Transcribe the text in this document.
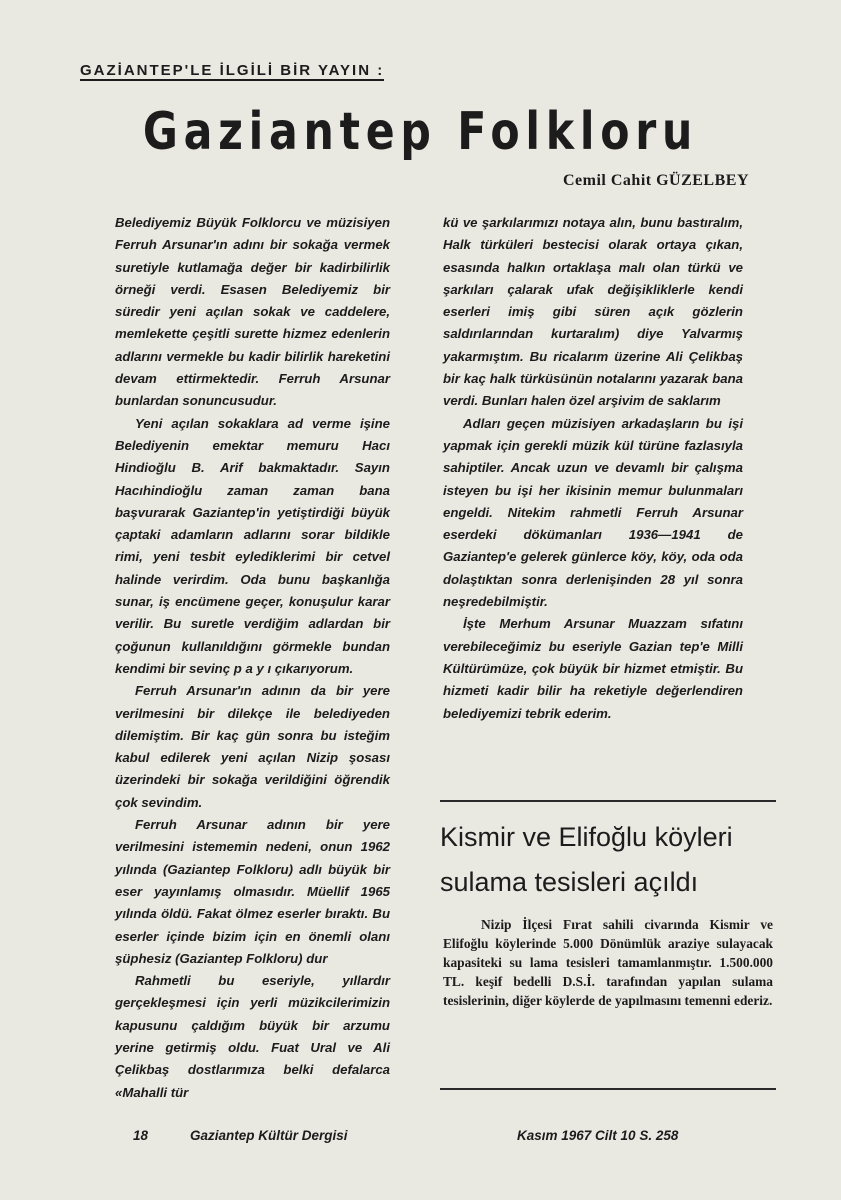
GAZİANTEP'LE İLGİLİ BİR YAYIN :
Gaziantep Folkloru
Cemil Cahit GÜZELBEY

Belediyemiz Büyük Folklorcu ve müzisiyen Ferruh Arsunar'ın adını bir sokağa vermek suretiyle kutlamağa değer bir kadirbilirlik örneği verdi. Esasen Belediyemiz bir süredir yeni açılan sokak ve caddelere, memlekette çeşitli surette hizmez edenlerin adlarını vermekle bu kadir bilirlik hareketini devam ettirmektedir. Ferruh Arsunar bunlardan sonuncusudur.

Yeni açılan sokaklara ad verme işine Belediyenin emektar memuru Hacı Hindioğlu B. Arif bakmaktadır. Sayın Hacıhindioğlu zaman zaman bana başvurarak Gaziantep'in yetiştirdiği büyük çaptaki adamların adlarını sorar bildikle rimi, yeni tesbit eylediklerimi bir cetvel halinde verirdim. Oda bunu başkanlığa sunar, iş encümene geçer, konuşulur karar verilir. Bu suretle verdiğim adlardan bir çoğunun kullanıldığını görmekle bundan kendimi bir sevinç p a y ı çıkarıyorum.

Ferruh Arsunar'ın adının da bir yere verilmesini bir dilekçe ile belediyeden dilemiştim. Bir kaç gün sonra bu isteğim kabul edilerek yeni açılan Nizip şosası üzerindeki bir sokağa verildiğini öğrendik çok sevindim.

Ferruh Arsunar adının bir yere verilmesini istememin nedeni, onun 1962 yılında (Gaziantep Folkloru) adlı büyük bir eser yayınlamış olmasıdır. Müellif 1965 yılında öldü. Fakat ölmez eserler bıraktı. Bu eserler içinde bizim için en önemli olanı şüphesiz (Gaziantep Folkloru) dur

Rahmetli bu eseriyle, yıllardır gerçekleşmesi için yerli müzikcilerimizin kapusunu çaldığım büyük bir arzumu yerine getirmiş oldu. Fuat Ural ve Ali Çelikbaş dostlarımıza belki defalarca «Mahalli tür

kü ve şarkılarımızı notaya alın, bunu bastıralım, Halk türküleri bestecisi olarak ortaya çıkan, esasında halkın ortaklaşa malı olan türkü ve şarkıları çalarak ufak değişikliklerle kendi eserleri imiş gibi süren açık gözlerin saldırılarından kurtaralım) diye Yalvarmış yakarmıştım. Bu ricalarım üzerine Ali Çelikbaş bir kaç halk türküsünün notalarını yazarak bana verdi. Bunları halen özel arşivim de saklarım

Adları geçen müzisiyen arkadaşların bu işi yapmak için gerekli müzik kül türüne fazlasıyla sahiptiler. Ancak uzun ve devamlı bir çalışma isteyen bu işi her ikisinin memur bulunmaları engeldi. Nitekim rahmetli Ferruh Arsunar eserdeki dökümanları 1936—1941 de Gaziantep'e gelerek günlerce köy, köy, oda oda dolaştıktan sonra derlenişinden 28 yıl sonra neşredebilmiştir.

İşte Merhum Arsunar Muazzam sıfatını verebileceğimiz bu eseriyle Gazian tep'e Milli Kültürümüze, çok büyük bir hizmet etmiştir. Bu hizmeti kadir bilir ha reketiyle değerlendiren belediyemizi tebrik ederim.

Kismir ve Elifoğlu köyleri sulama tesisleri açıldı

Nizip İlçesi Fırat sahili civarında Kismir ve Elifoğlu köylerinde 5.000 Dönümlük araziye sulayacak kapasiteki su lama tesisleri tamamlanmıştır. 1.500.000 TL. keşif bedelli D.S.İ. tarafından yapılan sulama tesislerinin, diğer köylerde de yapılmasını temenni ederiz.

18	Gaziantep Kültür Dergisi	Kasım 1967 Cilt 10 S. 258
